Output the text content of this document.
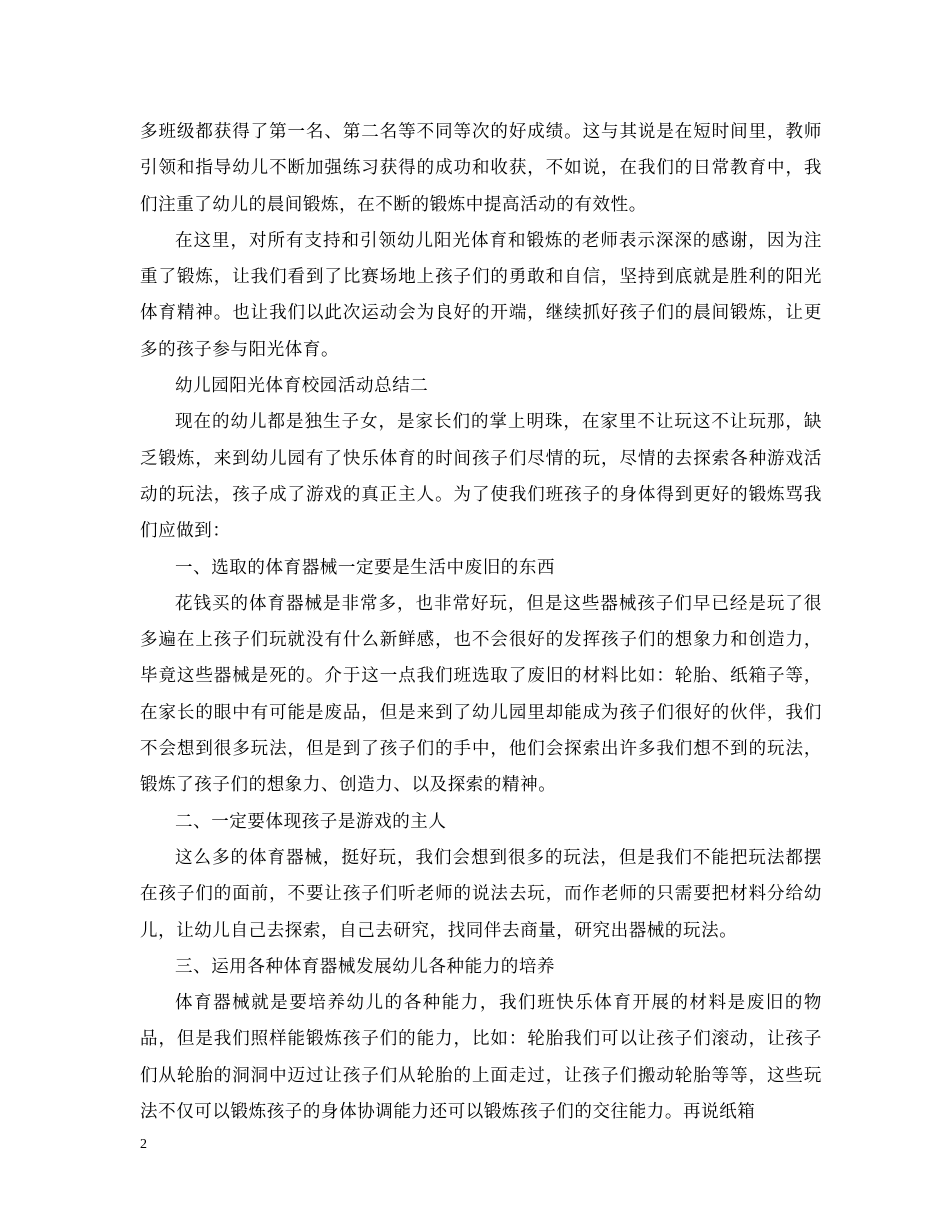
多班级都获得了第一名、第二名等不同等次的好成绩。这与其说是在短时间里，教师引领和指导幼儿不断加强练习获得的成功和收获，不如说，在我们的日常教育中，我们注重了幼儿的晨间锻炼，在不断的锻炼中提高活动的有效性。

在这里，对所有支持和引领幼儿阳光体育和锻炼的老师表示深深的感谢，因为注重了锻炼，让我们看到了比赛场地上孩子们的勇敢和自信，坚持到底就是胜利的阳光体育精神。也让我们以此次运动会为良好的开端，继续抓好孩子们的晨间锻炼，让更多的孩子参与阳光体育。

幼儿园阳光体育校园活动总结二

现在的幼儿都是独生子女，是家长们的掌上明珠，在家里不让玩这不让玩那，缺乏锻炼，来到幼儿园有了快乐体育的时间孩子们尽情的玩，尽情的去探索各种游戏活动的玩法，孩子成了游戏的真正主人。为了使我们班孩子的身体得到更好的锻炼骂我们应做到：

一、选取的体育器械一定要是生活中废旧的东西

花钱买的体育器械是非常多，也非常好玩，但是这些器械孩子们早已经是玩了很多遍在上孩子们玩就没有什么新鲜感，也不会很好的发挥孩子们的想象力和创造力，毕竟这些器械是死的。介于这一点我们班选取了废旧的材料比如：轮胎、纸箱子等，在家长的眼中有可能是废品，但是来到了幼儿园里却能成为孩子们很好的伙伴，我们不会想到很多玩法，但是到了孩子们的手中，他们会探索出许多我们想不到的玩法，锻炼了孩子们的想象力、创造力、以及探索的精神。

二、一定要体现孩子是游戏的主人

这么多的体育器械，挺好玩，我们会想到很多的玩法，但是我们不能把玩法都摆在孩子们的面前，不要让孩子们听老师的说法去玩，而作老师的只需要把材料分给幼儿，让幼儿自己去探索，自己去研究，找同伴去商量，研究出器械的玩法。

三、运用各种体育器械发展幼儿各种能力的培养

体育器械就是要培养幼儿的各种能力，我们班快乐体育开展的材料是废旧的物品，但是我们照样能锻炼孩子们的能力，比如：轮胎我们可以让孩子们滚动，让孩子们从轮胎的洞洞中迈过让孩子们从轮胎的上面走过，让孩子们搬动轮胎等等，这些玩法不仅可以锻炼孩子的身体协调能力还可以锻炼孩子们的交往能力。再说纸箱

2
